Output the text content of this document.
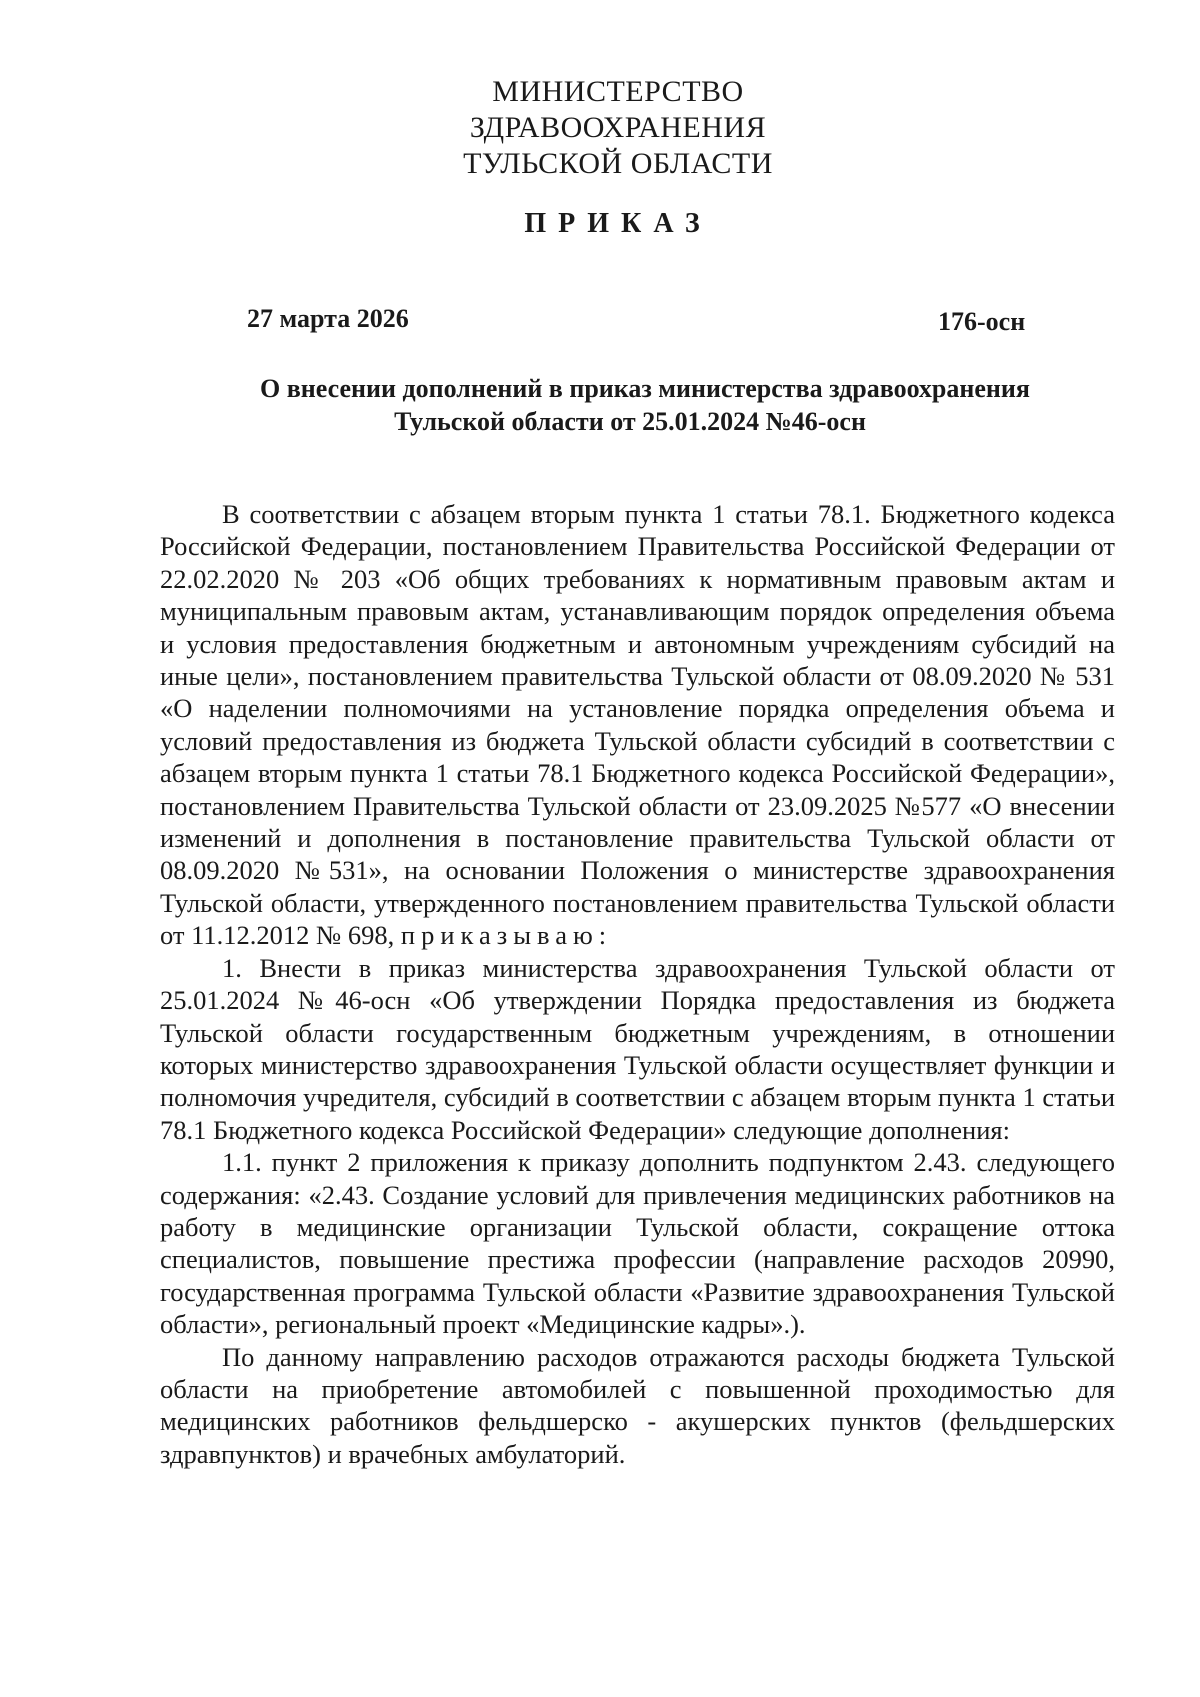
МИНИСТЕРСТВО
ЗДРАВООХРАНЕНИЯ
ТУЛЬСКОЙ ОБЛАСТИ
ПРИКАЗ
27 марта 2026	176-осн
О внесении дополнений в приказ министерства здравоохранения
Тульской области от 25.01.2024 №46-осн

В соответствии с абзацем вторым пункта 1 статьи 78.1. Бюджетного кодекса Российской Федерации, постановлением Правительства Российской Федерации от 22.02.2020 № 203 «Об общих требованиях к нормативным правовым актам и муниципальным правовым актам, устанавливающим порядок определения объема и условия предоставления бюджетным и автономным учреждениям субсидий на иные цели», постановлением правительства Тульской области от 08.09.2020 № 531 «О наделении полномочиями на установление порядка определения объема и условий предоставления из бюджета Тульской области субсидий в соответствии с абзацем вторым пункта 1 статьи 78.1 Бюджетного кодекса Российской Федерации», постановлением Правительства Тульской области от 23.09.2025 №577 «О внесении изменений и дополнения в постановление правительства Тульской области от 08.09.2020 №531», на основании Положения о министерстве здравоохранения Тульской области, утвержденного постановлением правительства Тульской области от 11.12.2012 № 698, приказываю:

1. Внести в приказ министерства здравоохранения Тульской области от 25.01.2024 №46-осн «Об утверждении Порядка предоставления из бюджета Тульской области государственным бюджетным учреждениям, в отношении которых министерство здравоохранения Тульской области осуществляет функции и полномочия учредителя, субсидий в соответствии с абзацем вторым пункта 1 статьи 78.1 Бюджетного кодекса Российской Федерации» следующие дополнения:

1.1. пункт 2 приложения к приказу дополнить подпунктом 2.43. следующего содержания: «2.43. Создание условий для привлечения медицинских работников на работу в медицинские организации Тульской области, сокращение оттока специалистов, повышение престижа профессии (направление расходов 20990, государственная программа Тульской области «Развитие здравоохранения Тульской области», региональный проект «Медицинские кадры».).

По данному направлению расходов отражаются расходы бюджета Тульской области на приобретение автомобилей с повышенной проходимостью для медицинских работников фельдшерско - акушерских пунктов (фельдшерских здравпунктов) и врачебных амбулаторий.
